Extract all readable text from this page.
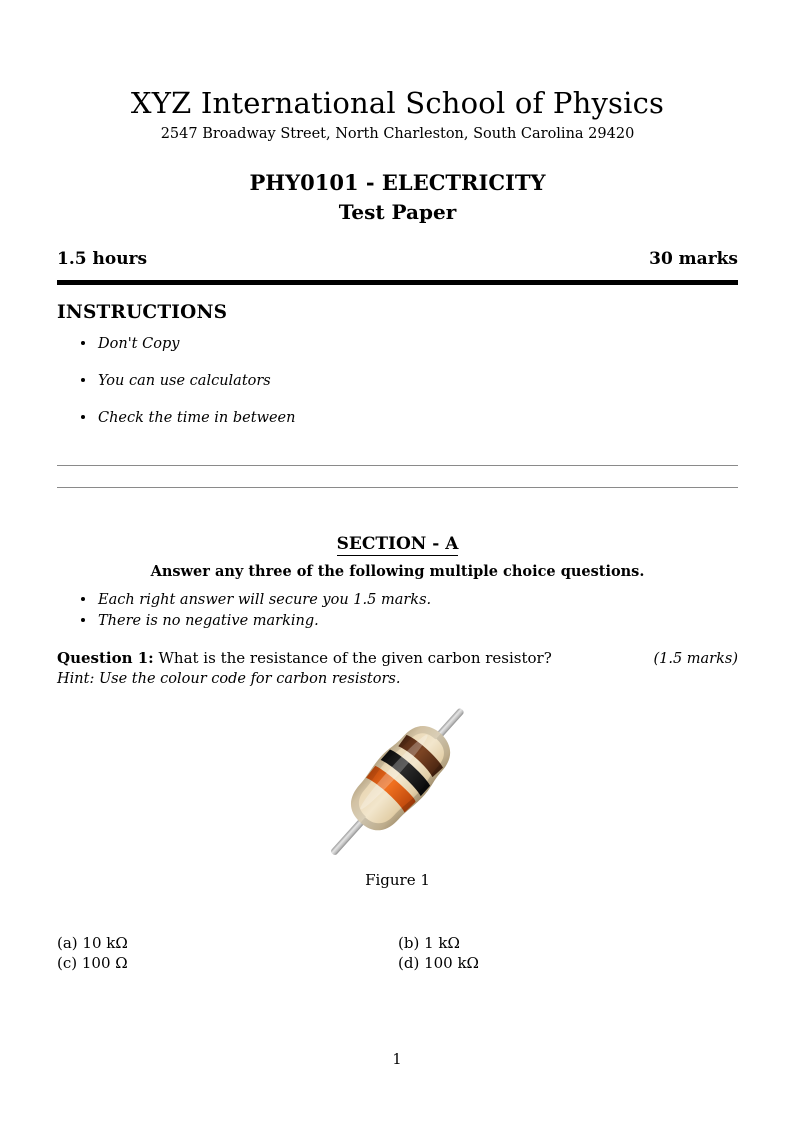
XYZ International School of Physics
2547 Broadway Street, North Charleston, South Carolina 29420
PHY0101 - ELECTRICITY
Test Paper
1.5 hours	30 marks
INSTRUCTIONS
Don't Copy
You can use calculators
Check the time in between
SECTION - A
Answer any three of the following multiple choice questions.
Each right answer will secure you 1.5 marks.
There is no negative marking.
Question 1: What is the resistance of the given carbon resistor?	(1.5 marks)
Hint: Use the colour code for carbon resistors.
Figure 1
(a) 10 kΩ	(b) 1 kΩ
(c) 100 Ω	(d) 100 kΩ
1
